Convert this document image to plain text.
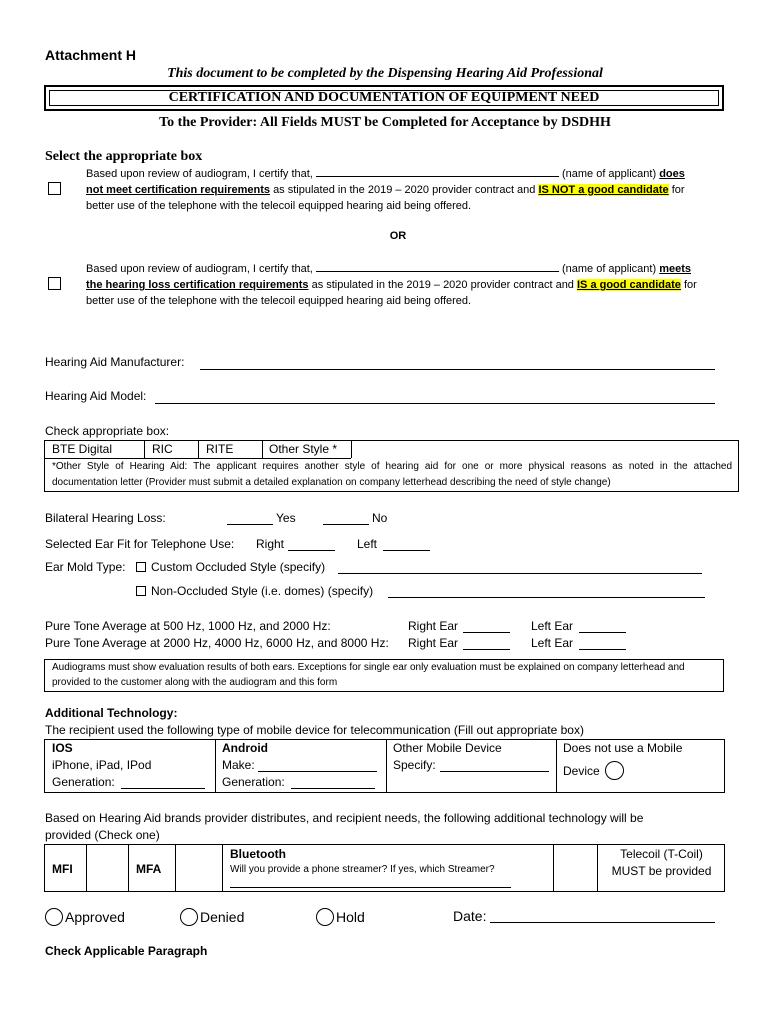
Attachment H
This document to be completed by the Dispensing Hearing Aid Professional
CERTIFICATION AND DOCUMENTATION OF EQUIPMENT NEED
To the Provider: All Fields MUST be Completed for Acceptance by DSDHH
Select the appropriate box
Based upon review of audiogram, I certify that,	(name of applicant) does
not meet certification requirements as stipulated in the 2019 – 2020 provider contract and IS NOT a good candidate for
better use of the telephone with the telecoil equipped hearing aid being offered.
OR
Based upon review of audiogram, I certify that,	(name of applicant) meets
the hearing loss certification requirements as stipulated in the 2019 – 2020 provider contract and IS a good candidate for
better use of the telephone with the telecoil equipped hearing aid being offered.
Hearing Aid Manufacturer:
Hearing Aid Model:
Check appropriate box:
BTE Digital	RIC	RITE	Other Style *
*Other Style of Hearing Aid: The applicant requires another style of hearing aid for one or more physical reasons as noted in the attached
documentation letter (Provider must submit a detailed explanation on company letterhead describing the need of style change)
Bilateral Hearing Loss:	Yes	No
Selected Ear Fit for Telephone Use: Right	Left
Ear Mold Type:	Custom Occluded Style (specify)
Non-Occluded Style (i.e. domes) (specify)
Pure Tone Average at 500 Hz, 1000 Hz, and 2000 Hz:	Right Ear	Left Ear
Pure Tone Average at 2000 Hz, 4000 Hz, 6000 Hz, and 8000 Hz: Right Ear	Left Ear
Audiograms must show evaluation results of both ears. Exceptions for single ear only evaluation must be explained on company letterhead and
provided to the customer along with the audiogram and this form
Additional Technology:
The recipient used the following type of mobile device for telecommunication (Fill out appropriate box)
IOS
iPhone, iPad, IPod
Generation:
Android
Make:
Generation:
Other Mobile Device
Specify:
Does not use a Mobile
Device
Based on Hearing Aid brands provider distributes, and recipient needs, the following additional technology will be
provided (Check one)
MFI	MFA
Bluetooth
Will you provide a phone streamer? If yes, which Streamer?
Telecoil (T-Coil)
MUST be provided
Approved	Denied	Hold	Date:
Check Applicable Paragraph
